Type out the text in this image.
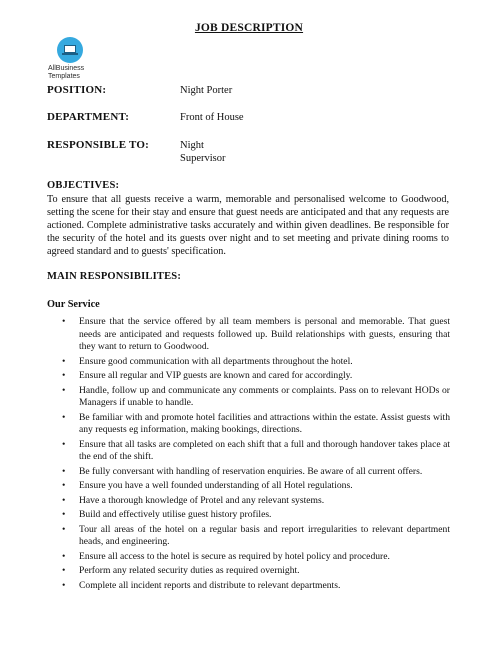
JOB DESCRIPTION
AllBusiness
Templates
POSITION:	Night Porter
DEPARTMENT:	Front of House
RESPONSIBLE TO:	Night
Supervisor
OBJECTIVES:
To ensure that all guests receive a warm, memorable and personalised welcome to Goodwood, setting the scene for their stay and ensure that guest needs are anticipated and that any requests are actioned. Complete administrative tasks accurately and within given deadlines. Be responsible for the security of the hotel and its guests over night and to set meeting and private dining rooms to agreed standard and to guests' specification.
MAIN RESPONSIBILITES:
Our Service
• Ensure that the service offered by all team members is personal and memorable. That guest needs are anticipated and requests followed up. Build relationships with guests, ensuring that they want to return to Goodwood.
• Ensure good communication with all departments throughout the hotel.
• Ensure all regular and VIP guests are known and cared for accordingly.
• Handle, follow up and communicate any comments or complaints. Pass on to relevant HODs or Managers if unable to handle.
• Be familiar with and promote hotel facilities and attractions within the estate. Assist guests with any requests eg information, making bookings, directions.
• Ensure that all tasks are completed on each shift that a full and thorough handover takes place at the end of the shift.
• Be fully conversant with handling of reservation enquiries. Be aware of all current offers.
• Ensure you have a well founded understanding of all Hotel regulations.
• Have a thorough knowledge of Protel and any relevant systems.
• Build and effectively utilise guest history profiles.
• Tour all areas of the hotel on a regular basis and report irregularities to relevant department heads, and engineering.
• Ensure all access to the hotel is secure as required by hotel policy and procedure.
• Perform any related security duties as required overnight.
• Complete all incident reports and distribute to relevant departments.
